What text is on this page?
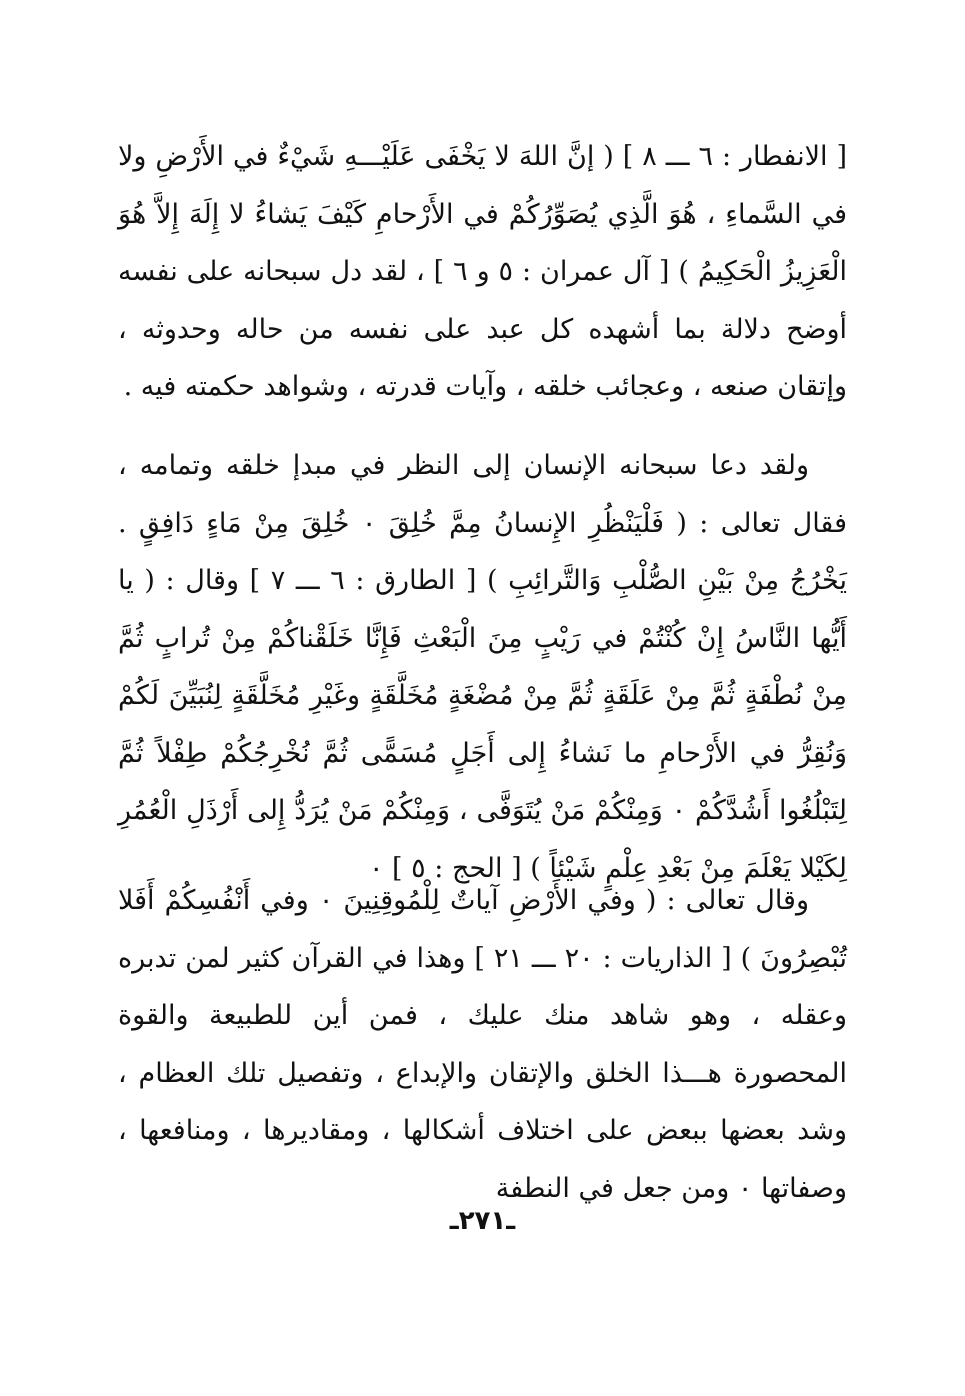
[ الانفطار : ٦ ـــ ٨ ] ( إنَّ اللهَ لا يَخْفَى عَلَيْـــهِ شَيْءٌ في الأَرْضِ ولا في السَّماءِ ، هُوَ الَّذِي يُصَوِّرُكُمْ في الأَرْحامِ كَيْفَ يَشاءُ لا إِلَهَ إِلاَّ هُوَ الْعَزِيزُ الْحَكِيمُ ) [ آل عمران : ٥ و ٦ ] ، لقد دل سبحانه على نفسه أوضح دلالة بما أشهده كل عبد على نفسه من حاله وحدوثه ، وإتقان صنعه ، وعجائب خلقه ، وآيات قدرته ، وشواهد حكمته فيه .

ولقد دعا سبحانه الإنسان إلى النظر في مبدإ خلقه وتمامه ، فقال تعالى : ( فَلْيَنْظُرِ الإِنسانُ مِمَّ خُلِقَ ٠ خُلِقَ مِنْ مَاءٍ دَافِقٍ . يَخْرُجُ مِنْ بَيْنِ الصُّلْبِ وَالتَّرائِبِ ) [ الطارق : ٦ ـــ ٧ ] وقال : ( يا أَيُّها النَّاسُ إِنْ كُنْتُمْ في رَيْبٍ مِنَ الْبَعْثِ فَإِنَّا خَلَقْناكُمْ مِنْ تُرابٍ ثُمَّ مِنْ نُطْفَةٍ ثُمَّ مِنْ عَلَقَةٍ ثُمَّ مِنْ مُضْغَةٍ مُخَلَّقَةٍ وغَيْرِ مُخَلَّقَةٍ لِنُبَيِّنَ لَكُمْ وَنُقِرُّ في الأَرْحامِ ما نَشاءُ إِلى أَجَلٍ مُسَمًّى ثُمَّ نُخْرِجُكُمْ طِفْلاً ثُمَّ لِتَبْلُغُوا أَشُدَّكُمْ ٠ وَمِنْكُمْ مَنْ يُتَوَفَّى ، وَمِنْكُمْ مَنْ يُرَدُّ إِلى أَرْذَلِ الْعُمُرِ لِكَيْلا يَعْلَمَ مِنْ بَعْدِ عِلْمٍ شَيْئاً ) [ الحج : ٥ ] ٠

وقال تعالى : ( وفي الأَرْضِ آياتٌ لِلْمُوقِنِينَ ٠ وفي أَنْفُسِكُمْ أَفَلا تُبْصِرُونَ ) [ الذاريات : ٢٠ ـــ ٢١ ] وهذا في القرآن كثير لمن تدبره وعقله ، وهو شاهد منك عليك ، فمن أين للطبيعة والقوة المحصورة هـــذا الخلق والإتقان والإبداع ، وتفصيل تلك العظام ، وشد بعضها ببعض على اختلاف أشكالها ، ومقاديرها ، ومنافعها ، وصفاتها ٠ ومن جعل في النطفة

ـ٢٧١ـ
